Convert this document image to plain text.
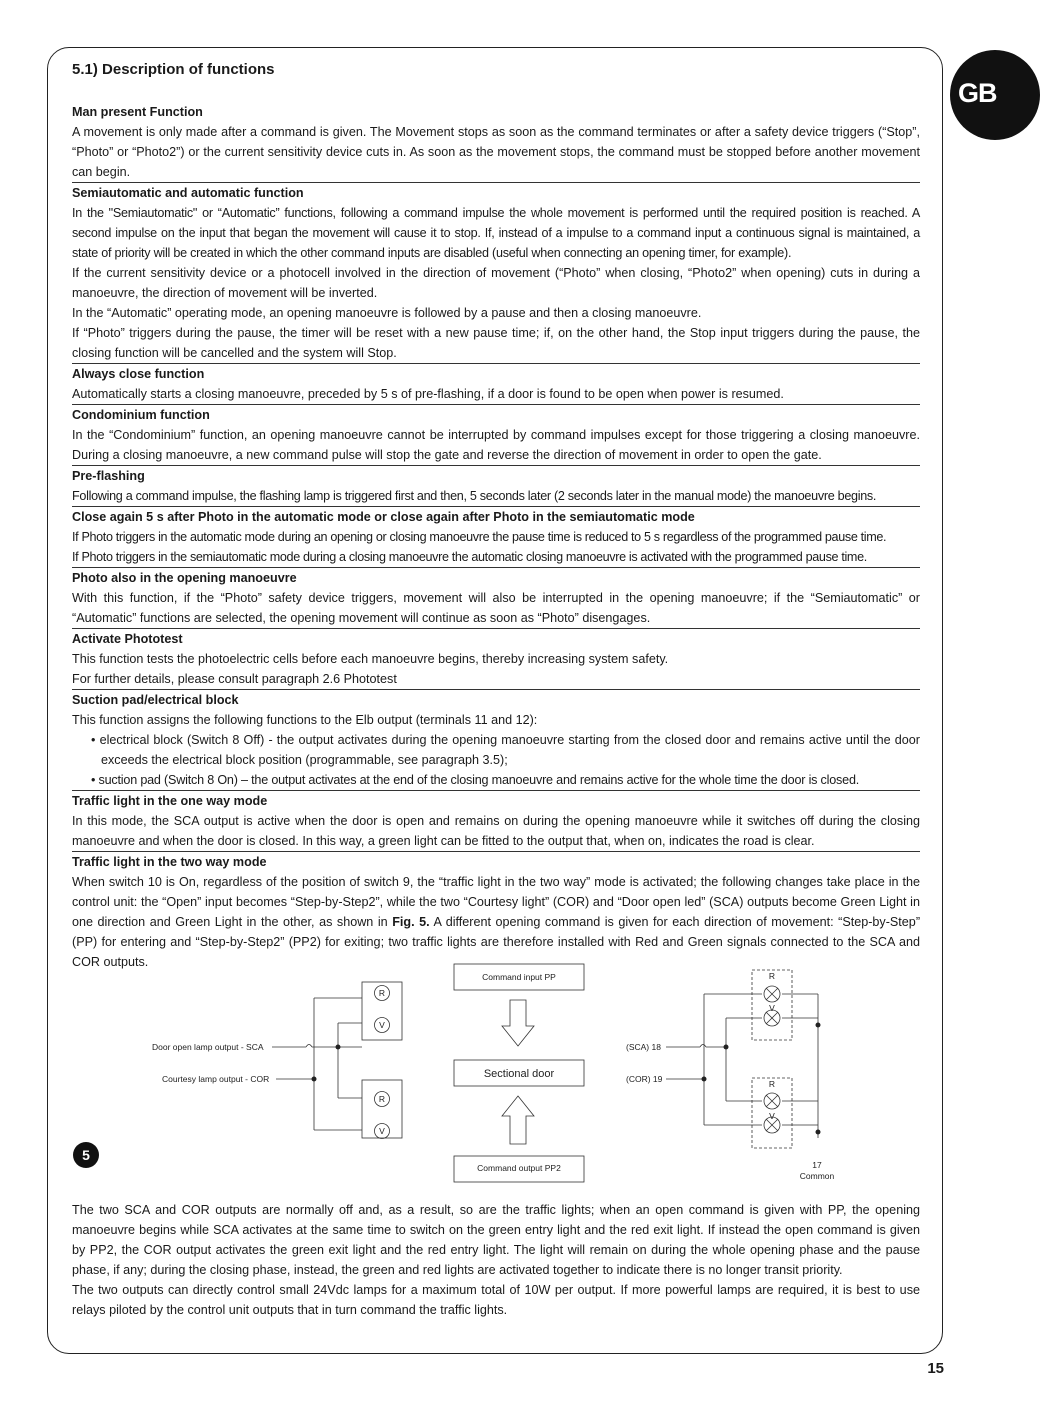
GB
5.1) Description of functions
Man present Function

A movement is only made after a command is given. The Movement stops as soon as the command terminates or after a safety device triggers (“Stop”, “Photo” or “Photo2”) or the current sensitivity device cuts in. As soon as the movement stops, the command must be stopped before another movement can begin.

Semiautomatic and automatic function

In the "Semiautomatic" or “Automatic” functions, following a command impulse the whole movement is performed until the required position is reached. A second impulse on the input that began the movement will cause it to stop. If, instead of a impulse to a command input a continuous signal is maintained, a state of priority will be created in which the other command inputs are disabled (useful when connecting an opening timer, for example).

If the current sensitivity device or a photocell involved in the direction of movement (“Photo” when closing, “Photo2” when opening) cuts in during a manoeuvre, the direction of movement will be inverted.

In the “Automatic” operating mode, an opening manoeuvre is followed by a pause and then a closing manoeuvre.

If “Photo” triggers during the pause, the timer will be reset with a new pause time; if, on the other hand, the Stop input triggers during the pause, the closing function will be cancelled and the system will Stop.

Always close function

Automatically starts a closing manoeuvre, preceded by 5 s of pre-flashing, if a door is found to be open when power is resumed.

Condominium function

In the “Condominium” function, an opening manoeuvre cannot be interrupted by command impulses except for those triggering a closing manoeuvre. During a closing manoeuvre, a new command pulse will stop the gate and reverse the direction of movement in order to open the gate.

Pre-flashing

Following a command impulse, the flashing lamp is triggered first and then, 5 seconds later (2 seconds later in the manual mode) the manoeuvre begins.

Close again 5 s after Photo in the automatic mode or close again after Photo in the semiautomatic mode

If Photo triggers in the automatic mode during an opening or closing manoeuvre the pause time is reduced to 5 s regardless of the programmed pause time.

If Photo triggers in the semiautomatic mode during a closing manoeuvre the automatic closing manoeuvre is activated with the programmed pause time.

Photo also in the opening manoeuvre

With this function, if the “Photo” safety device triggers, movement will also be interrupted in the opening manoeuvre; if the “Semiautomatic” or “Automatic” functions are selected, the opening movement will continue as soon as “Photo” disengages.

Activate Phototest

This function tests the photoelectric cells before each manoeuvre begins, thereby increasing system safety.

For further details, please consult paragraph 2.6 Phototest

Suction pad/electrical block

This function assigns the following functions to the Elb output (terminals 11 and 12):

• electrical block (Switch 8 Off) - the output activates during the opening manoeuvre starting from the closed door and remains active until the door exceeds the electrical block position (programmable, see paragraph 3.5);
• suction pad (Switch 8 On) – the output activates at the end of the closing manoeuvre and remains active for the whole time the door is closed.
Traffic light in the one way mode

In this mode, the SCA output is active when the door is open and remains on during the opening manoeuvre while it switches off during the closing manoeuvre and when the door is closed. In this way, a green light can be fitted to the output that, when on, indicates the road is clear.

Traffic light in the two way mode

When switch 10 is On, regardless of the position of switch 9, the “traffic light in the two way” mode is activated; the following changes take place in the control unit: the “Open” input becomes “Step-by-Step2”, while the two “Courtesy light” (COR) and “Door open led” (SCA) outputs become Green Light in one direction and Green Light in the other, as shown in Fig. 5. A different opening command is given for each direction of movement: “Step-by-Step” (PP) for entering and “Step-by-Step2” (PP2) for exiting; two traffic lights are therefore installed with Red and Green signals connected to the SCA and COR outputs.

5
Door open lamp output - SCA
Courtesy lamp output - COR
R
V
R
V
Command input PP
Sectional door
Command output PP2
(SCA) 18
(COR) 19
R
V
R
V
17
Common

The two SCA and COR outputs are normally off and, as a result, so are the traffic lights; when an open command is given with PP, the opening manoeuvre begins while SCA activates at the same time to switch on the green entry light and the red exit light. If instead the open command is given by PP2, the COR output activates the green exit light and the red entry light. The light will remain on during the whole opening phase and the pause phase, if any; during the closing phase, instead, the green and red lights are activated together to indicate there is no longer transit priority.

The two outputs can directly control small 24Vdc lamps for a maximum total of 10W per output. If more powerful lamps are required, it is best to use relays piloted by the control unit outputs that in turn command the traffic lights.

15
